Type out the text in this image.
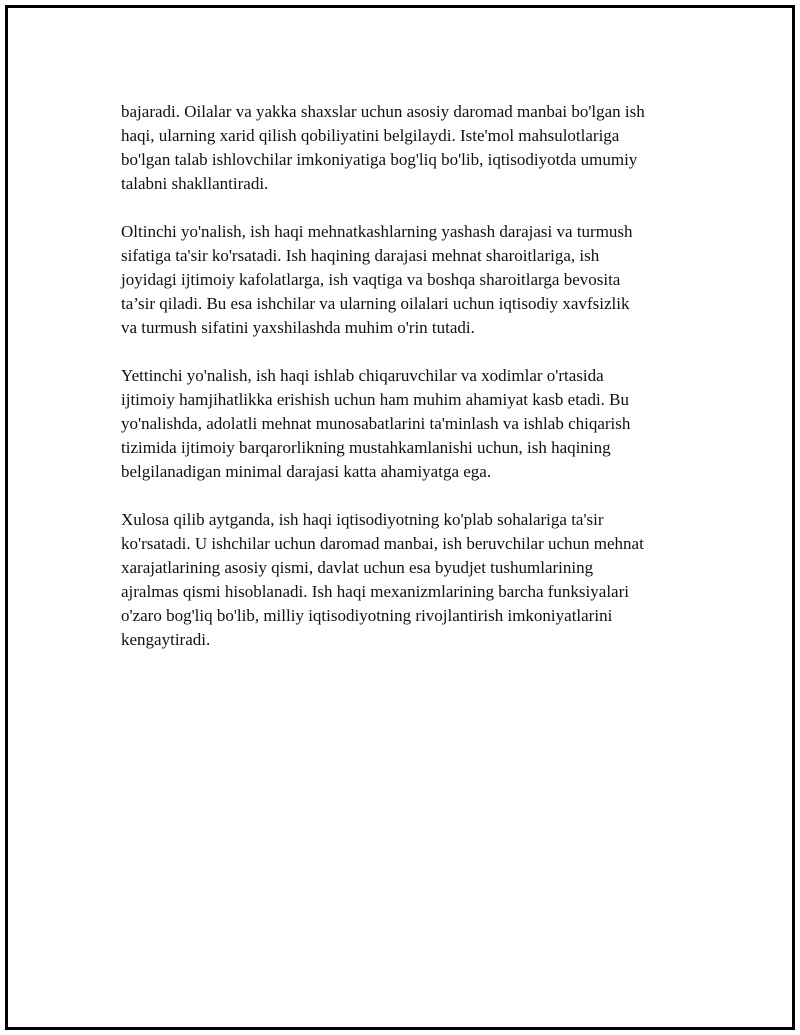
bajaradi. Oilalar va yakka shaxslar uchun asosiy daromad manbai bo'lgan ish
haqi, ularning xarid qilish qobiliyatini belgilaydi. Iste'mol mahsulotlariga
bo'lgan talab ishlovchilar imkoniyatiga bog'liq bo'lib, iqtisodiyotda umumiy
talabni shakllantiradi.

Oltinchi yo'nalish, ish haqi mehnatkashlarning yashash darajasi va turmush
sifatiga ta'sir ko'rsatadi. Ish haqining darajasi mehnat sharoitlariga, ish
joyidagi ijtimoiy kafolatlarga, ish vaqtiga va boshqa sharoitlarga bevosita
ta’sir qiladi. Bu esa ishchilar va ularning oilalari uchun iqtisodiy xavfsizlik
va turmush sifatini yaxshilashda muhim o'rin tutadi.

Yettinchi yo'nalish, ish haqi ishlab chiqaruvchilar va xodimlar o'rtasida
ijtimoiy hamjihatlikka erishish uchun ham muhim ahamiyat kasb etadi. Bu
yo'nalishda, adolatli mehnat munosabatlarini ta'minlash va ishlab chiqarish
tizimida ijtimoiy barqarorlikning mustahkamlanishi uchun, ish haqining
belgilanadigan minimal darajasi katta ahamiyatga ega.

Xulosa qilib aytganda, ish haqi iqtisodiyotning ko'plab sohalariga ta'sir
ko'rsatadi. U ishchilar uchun daromad manbai, ish beruvchilar uchun mehnat
xarajatlarining asosiy qismi, davlat uchun esa byudjet tushumlarining
ajralmas qismi hisoblanadi. Ish haqi mexanizmlarining barcha funksiyalari
o'zaro bog'liq bo'lib, milliy iqtisodiyotning rivojlantirish imkoniyatlarini
kengaytiradi.
